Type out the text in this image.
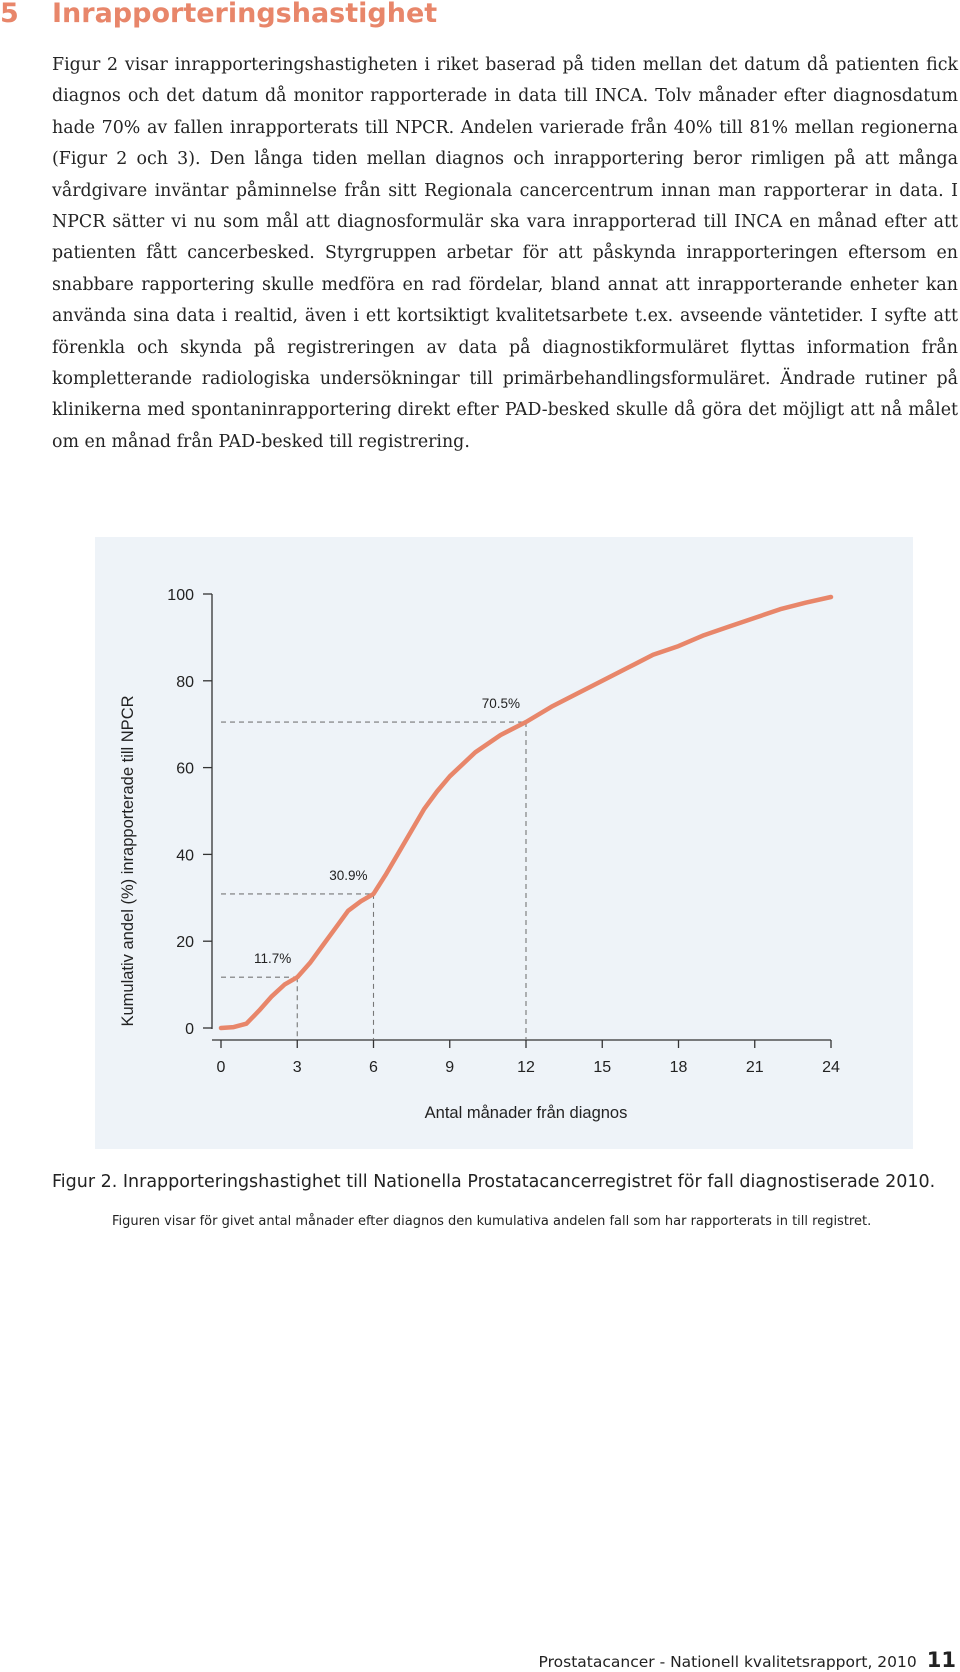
5 Inrapporteringshastighet

Figur 2 visar inrapporteringshastigheten i riket baserad på tiden mellan det datum då patienten fick diagnos och det datum då monitor rapporterade in data till INCA. Tolv månader efter diagnosdatum hade 70% av fallen inrapporterats till NPCR. Andelen varierade från 40% till 81% mellan regionerna (Figur 2 och 3). Den långa tiden mellan diagnos och inrapportering beror rimligen på att många vårdgivare inväntar påminnelse från sitt Regionala cancercentrum innan man rapporterar in data. I NPCR sätter vi nu som mål att diagnosformulär ska vara inrapporterad till INCA en månad efter att patienten fått cancerbesked. Styrgruppen arbetar för att påskynda inrapporteringen eftersom en snabbare rapportering skulle medföra en rad fördelar, bland annat att inrapporterande enheter kan använda sina data i realtid, även i ett kortsiktigt kvalitetsarbete t.ex. avseende väntetider. I syfte att förenkla och skynda på registreringen av data på diagnostikformuläret flyttas information från kompletterande radiologiska undersökningar till primärbehandlingsformuläret. Ändrade rutiner på klinikerna med spontaninrapportering direkt efter PAD-besked skulle då göra det möjligt att nå målet om en månad från PAD-besked till registrering.

Kumulativ andel (%) inrapporterade till NPCR
Antal månader från diagnos
0	3	6	9	12	15	18	21	24
0
20
40
60
80
100
11.7%
30.9%
70.5%

Figur 2. Inrapporteringshastighet till Nationella Prostatacancerregistret för fall diagnostiserade 2010.

Figuren visar för givet antal månader efter diagnos den kumulativa andelen fall som har rapporterats in till registret.

Prostatacancer - Nationell kvalitetsrapport, 2010 11
